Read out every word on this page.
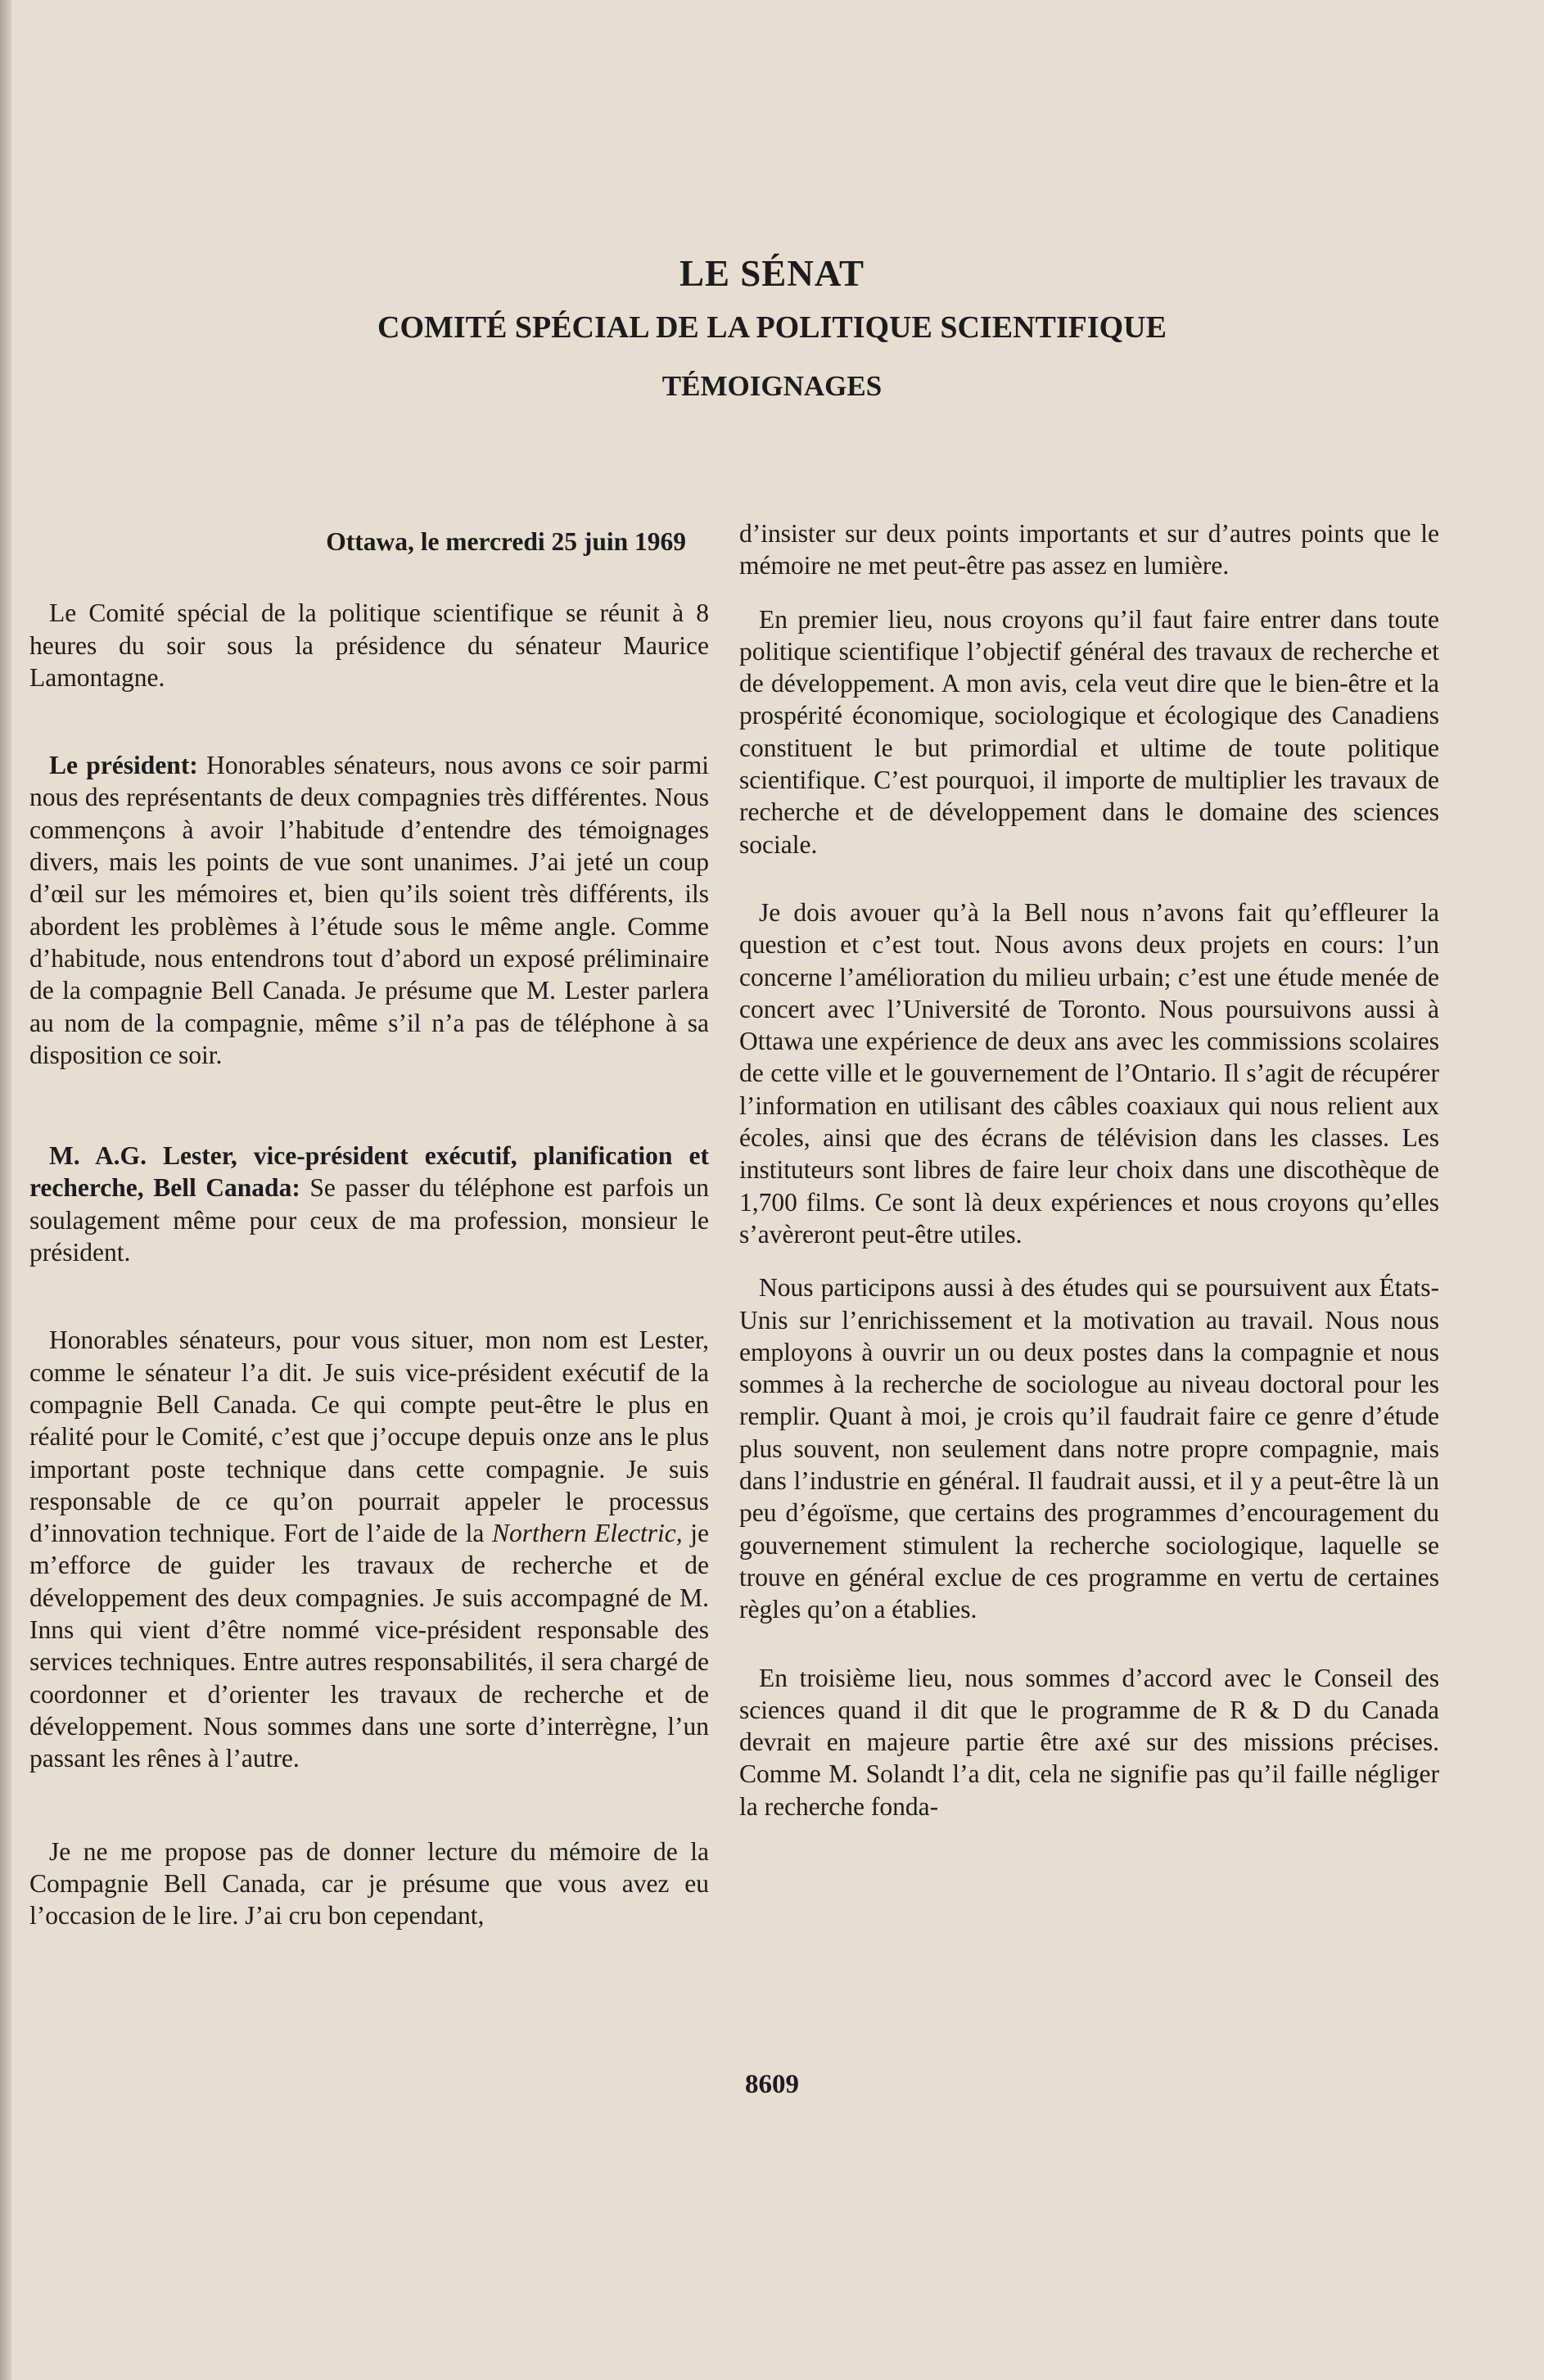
LE SÉNAT
COMITÉ SPÉCIAL DE LA POLITIQUE SCIENTIFIQUE
TÉMOIGNAGES

Ottawa, le mercredi 25 juin 1969

Le Comité spécial de la politique scientifique se réunit à 8 heures du soir sous la présidence du sénateur Maurice Lamontagne.

Le président: Honorables sénateurs, nous avons ce soir parmi nous des représentants de deux compagnies très différentes. Nous commençons à avoir l’habitude d’entendre des témoignages divers, mais les points de vue sont unanimes. J’ai jeté un coup d’œil sur les mémoires et, bien qu’ils soient très différents, ils abordent les problèmes à l’étude sous le même angle. Comme d’habitude, nous entendrons tout d’abord un exposé préliminaire de la compagnie Bell Canada. Je présume que M. Lester parlera au nom de la compagnie, même s’il n’a pas de téléphone à sa disposition ce soir.

M. A.G. Lester, vice-président exécutif, planification et recherche, Bell Canada: Se passer du téléphone est parfois un soulagement même pour ceux de ma profession, monsieur le président.

Honorables sénateurs, pour vous situer, mon nom est Lester, comme le sénateur l’a dit. Je suis vice-président exécutif de la compagnie Bell Canada. Ce qui compte peut-être le plus en réalité pour le Comité, c’est que j’occupe depuis onze ans le plus important poste technique dans cette compagnie. Je suis responsable de ce qu’on pourrait appeler le processus d’innovation technique. Fort de l’aide de la Northern Electric, je m’efforce de guider les travaux de recherche et de développement des deux compagnies. Je suis accompagné de M. Inns qui vient d’être nommé vice-président responsable des services techniques. Entre autres responsabilités, il sera chargé de coordonner et d’orienter les travaux de recherche et de développement. Nous sommes dans une sorte d’interrègne, l’un passant les rênes à l’autre.

Je ne me propose pas de donner lecture du mémoire de la Compagnie Bell Canada, car je présume que vous avez eu l’occasion de le lire. J’ai cru bon cependant,

d’insister sur deux points importants et sur d’autres points que le mémoire ne met peut-être pas assez en lumière.

En premier lieu, nous croyons qu’il faut faire entrer dans toute politique scientifique l’objectif général des travaux de recherche et de développement. A mon avis, cela veut dire que le bien-être et la prospérité économique, sociologique et écologique des Canadiens constituent le but primordial et ultime de toute politique scientifique. C’est pourquoi, il importe de multiplier les travaux de recherche et de développement dans le domaine des sciences sociale.

Je dois avouer qu’à la Bell nous n’avons fait qu’effleurer la question et c’est tout. Nous avons deux projets en cours: l’un concerne l’amélioration du milieu urbain; c’est une étude menée de concert avec l’Université de Toronto. Nous poursuivons aussi à Ottawa une expérience de deux ans avec les commissions scolaires de cette ville et le gouvernement de l’Ontario. Il s’agit de récupérer l’information en utilisant des câbles coaxiaux qui nous relient aux écoles, ainsi que des écrans de télévision dans les classes. Les instituteurs sont libres de faire leur choix dans une discothèque de 1,700 films. Ce sont là deux expériences et nous croyons qu’elles s’avèreront peut-être utiles.

Nous participons aussi à des études qui se poursuivent aux États-Unis sur l’enrichissement et la motivation au travail. Nous nous employons à ouvrir un ou deux postes dans la compagnie et nous sommes à la recherche de sociologue au niveau doctoral pour les remplir. Quant à moi, je crois qu’il faudrait faire ce genre d’étude plus souvent, non seulement dans notre propre compagnie, mais dans l’industrie en général. Il faudrait aussi, et il y a peut-être là un peu d’égoïsme, que certains des programmes d’encouragement du gouvernement stimulent la recherche sociologique, laquelle se trouve en général exclue de ces programme en vertu de certaines règles qu’on a établies.

En troisième lieu, nous sommes d’accord avec le Conseil des sciences quand il dit que le programme de R & D du Canada devrait en majeure partie être axé sur des missions précises. Comme M. Solandt l’a dit, cela ne signifie pas qu’il faille négliger la recherche fonda-

8609
